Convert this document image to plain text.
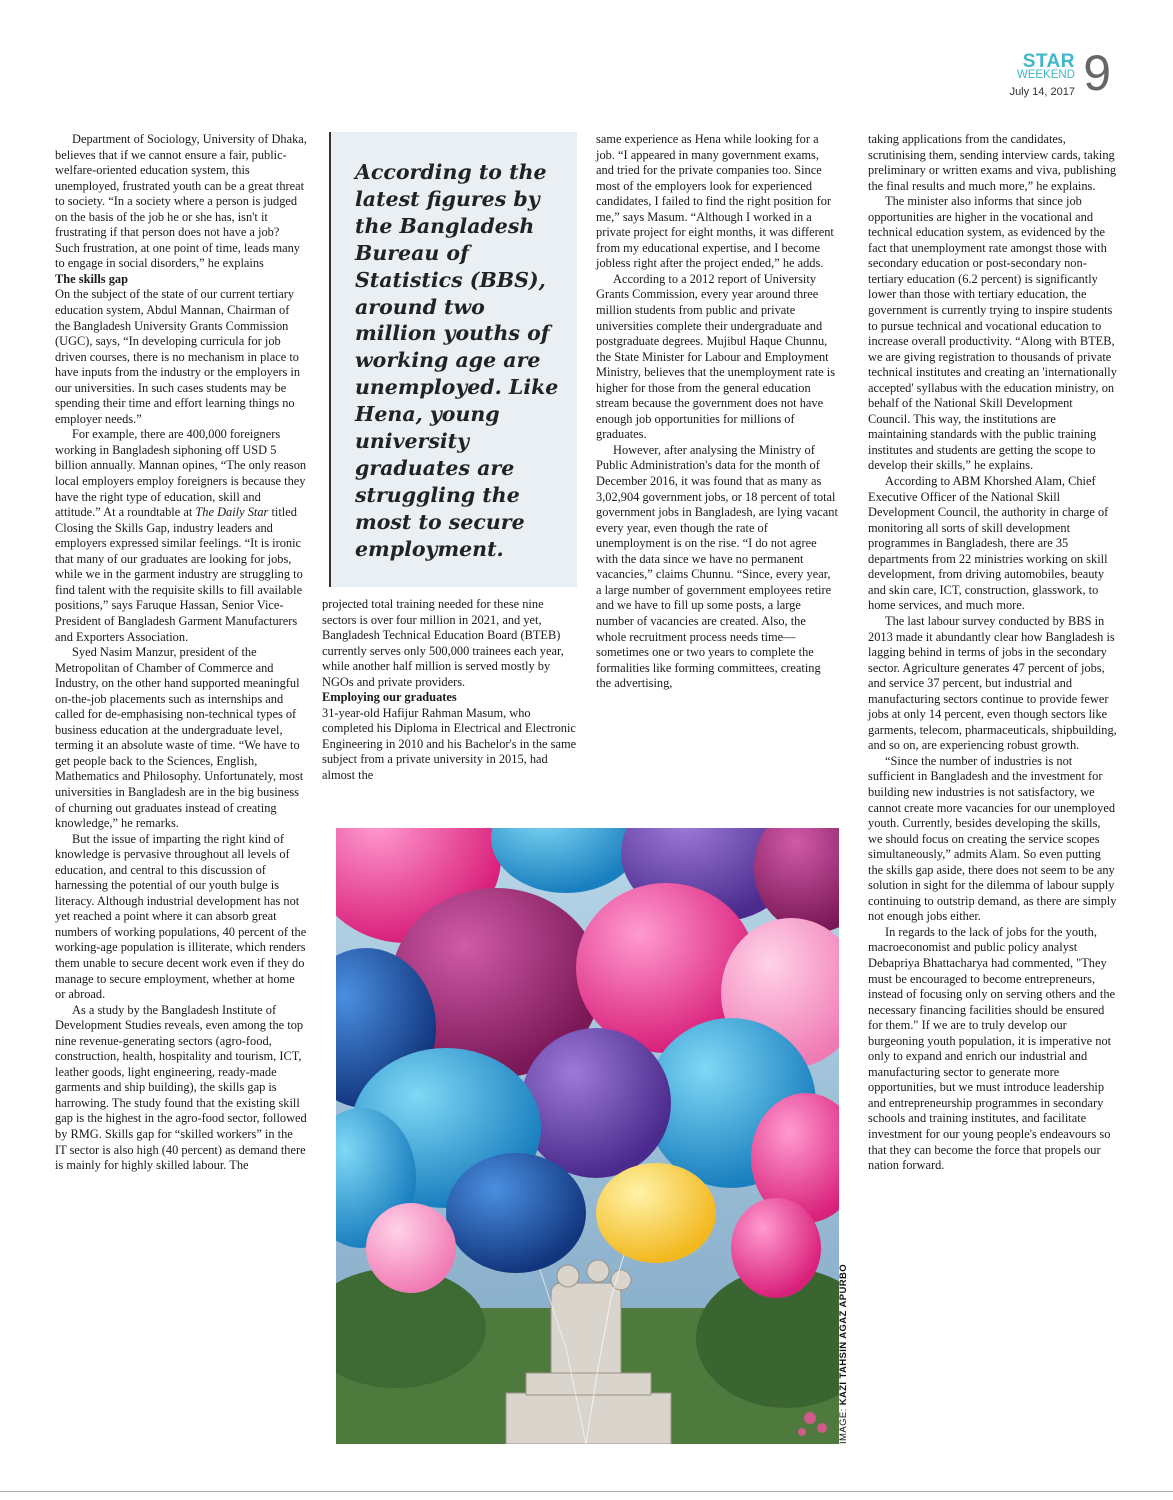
STAR
WEEKEND 9
July 14, 2017

Department of Sociology, University of Dhaka, believes that if we cannot ensure a fair, public-welfare-oriented education system, this unemployed, frustrated youth can be a great threat to society. “In a society where a person is judged on the basis of the job he or she has, isn't it frustrating if that person does not have a job? Such frustration, at one point of time, leads many to engage in social disorders,” he explains

The skills gap

On the subject of the state of our current tertiary education system, Abdul Mannan, Chairman of the Bangladesh University Grants Commission (UGC), says, “In developing curricula for job driven courses, there is no mechanism in place to have inputs from the industry or the employers in our universities. In such cases students may be spending their time and effort learning things no employer needs.”

For example, there are 400,000 foreigners working in Bangladesh siphoning off USD 5 billion annually. Mannan opines, “The only reason local employers employ foreigners is because they have the right type of education, skill and attitude.” At a roundtable at The Daily Star titled Closing the Skills Gap, industry leaders and employers expressed similar feelings. “It is ironic that many of our graduates are looking for jobs, while we in the garment industry are struggling to find talent with the requisite skills to fill available positions,” says Faruque Hassan, Senior Vice-President of Bangladesh Garment Manufacturers and Exporters Association.

Syed Nasim Manzur, president of the Metropolitan of Chamber of Commerce and Industry, on the other hand supported meaningful on-the-job placements such as internships and called for de-emphasising non-technical types of business education at the undergraduate level, terming it an absolute waste of time. “We have to get people back to the Sciences, English, Mathematics and Philosophy. Unfortunately, most universities in Bangladesh are in the big business of churning out graduates instead of creating knowledge,” he remarks.

But the issue of imparting the right kind of knowledge is pervasive throughout all levels of education, and central to this discussion of harnessing the potential of our youth bulge is literacy. Although industrial development has not yet reached a point where it can absorb great numbers of working populations, 40 percent of the working-age population is illiterate, which renders them unable to secure decent work even if they do manage to secure employment, whether at home or abroad.

As a study by the Bangladesh Institute of Development Studies reveals, even among the top nine revenue-generating sectors (agro-food, construction, health, hospitality and tourism, ICT, leather goods, light engineering, ready-made garments and ship building), the skills gap is harrowing. The study found that the existing skill gap is the highest in the agro-food sector, followed by RMG. Skills gap for “skilled workers” in the IT sector is also high (40 percent) as demand there is mainly for highly skilled labour. The

According to the latest figures by the Bangladesh Bureau of Statistics (BBS), around two million youths of working age are unemployed. Like Hena, young university graduates are struggling the most to secure employment.

projected total training needed for these nine sectors is over four million in 2021, and yet, Bangladesh Technical Education Board (BTEB) currently serves only 500,000 trainees each year, while another half million is served mostly by NGOs and private providers.

Employing our graduates

31-year-old Hafijur Rahman Masum, who completed his Diploma in Electrical and Electronic Engineering in 2010 and his Bachelor's in the same subject from a private university in 2015, had almost the

same experience as Hena while looking for a job. “I appeared in many government exams, and tried for the private companies too. Since most of the employers look for experienced candidates, I failed to find the right position for me,” says Masum. “Although I worked in a private project for eight months, it was different from my educational expertise, and I become jobless right after the project ended,” he adds.

According to a 2012 report of University Grants Commission, every year around three million students from public and private universities complete their undergraduate and postgraduate degrees. Mujibul Haque Chunnu, the State Minister for Labour and Employment Ministry, believes that the unemployment rate is higher for those from the general education stream because the government does not have enough job opportunities for millions of graduates.

However, after analysing the Ministry of Public Administration's data for the month of December 2016, it was found that as many as 3,02,904 government jobs, or 18 percent of total government jobs in Bangladesh, are lying vacant every year, even though the rate of unemployment is on the rise. “I do not agree with the data since we have no permanent vacancies,” claims Chunnu. “Since, every year, a large number of government employees retire and we have to fill up some posts, a large number of vacancies are created. Also, the whole recruitment process needs time—sometimes one or two years to complete the formalities like forming committees, creating the advertising,

taking applications from the candidates, scrutinising them, sending interview cards, taking preliminary or written exams and viva, publishing the final results and much more,” he explains.

The minister also informs that since job opportunities are higher in the vocational and technical education system, as evidenced by the fact that unemployment rate amongst those with secondary education or post-secondary non-tertiary education (6.2 percent) is significantly lower than those with tertiary education, the government is currently trying to inspire students to pursue technical and vocational education to increase overall productivity. “Along with BTEB, we are giving registration to thousands of private technical institutes and creating an 'internationally accepted' syllabus with the education ministry, on behalf of the National Skill Development Council. This way, the institutions are maintaining standards with the public training institutes and students are getting the scope to develop their skills,” he explains.

According to ABM Khorshed Alam, Chief Executive Officer of the National Skill Development Council, the authority in charge of monitoring all sorts of skill development programmes in Bangladesh, there are 35 departments from 22 ministries working on skill development, from driving automobiles, beauty and skin care, ICT, construction, glasswork, to home services, and much more.

The last labour survey conducted by BBS in 2013 made it abundantly clear how Bangladesh is lagging behind in terms of jobs in the secondary sector. Agriculture generates 47 percent of jobs, and service 37 percent, but industrial and manufacturing sectors continue to provide fewer jobs at only 14 percent, even though sectors like garments, telecom, pharmaceuticals, shipbuilding, and so on, are experiencing robust growth.

“Since the number of industries is not sufficient in Bangladesh and the investment for building new industries is not satisfactory, we cannot create more vacancies for our unemployed youth. Currently, besides developing the skills, we should focus on creating the service scopes simultaneously,” admits Alam. So even putting the skills gap aside, there does not seem to be any solution in sight for the dilemma of labour supply continuing to outstrip demand, as there are simply not enough jobs either.

In regards to the lack of jobs for the youth, macroeconomist and public policy analyst Debapriya Bhattacharya had commented, "They must be encouraged to become entrepreneurs, instead of focusing only on serving others and the necessary financing facilities should be ensured for them." If we are to truly develop our burgeoning youth population, it is imperative not only to expand and enrich our industrial and manufacturing sector to generate more opportunities, but we must introduce leadership and entrepreneurship programmes in secondary schools and training institutes, and facilitate investment for our young people's endeavours so that they can become the force that propels our nation forward.

IMAGE: KAZI TAHSIN AGAZ APURBO
